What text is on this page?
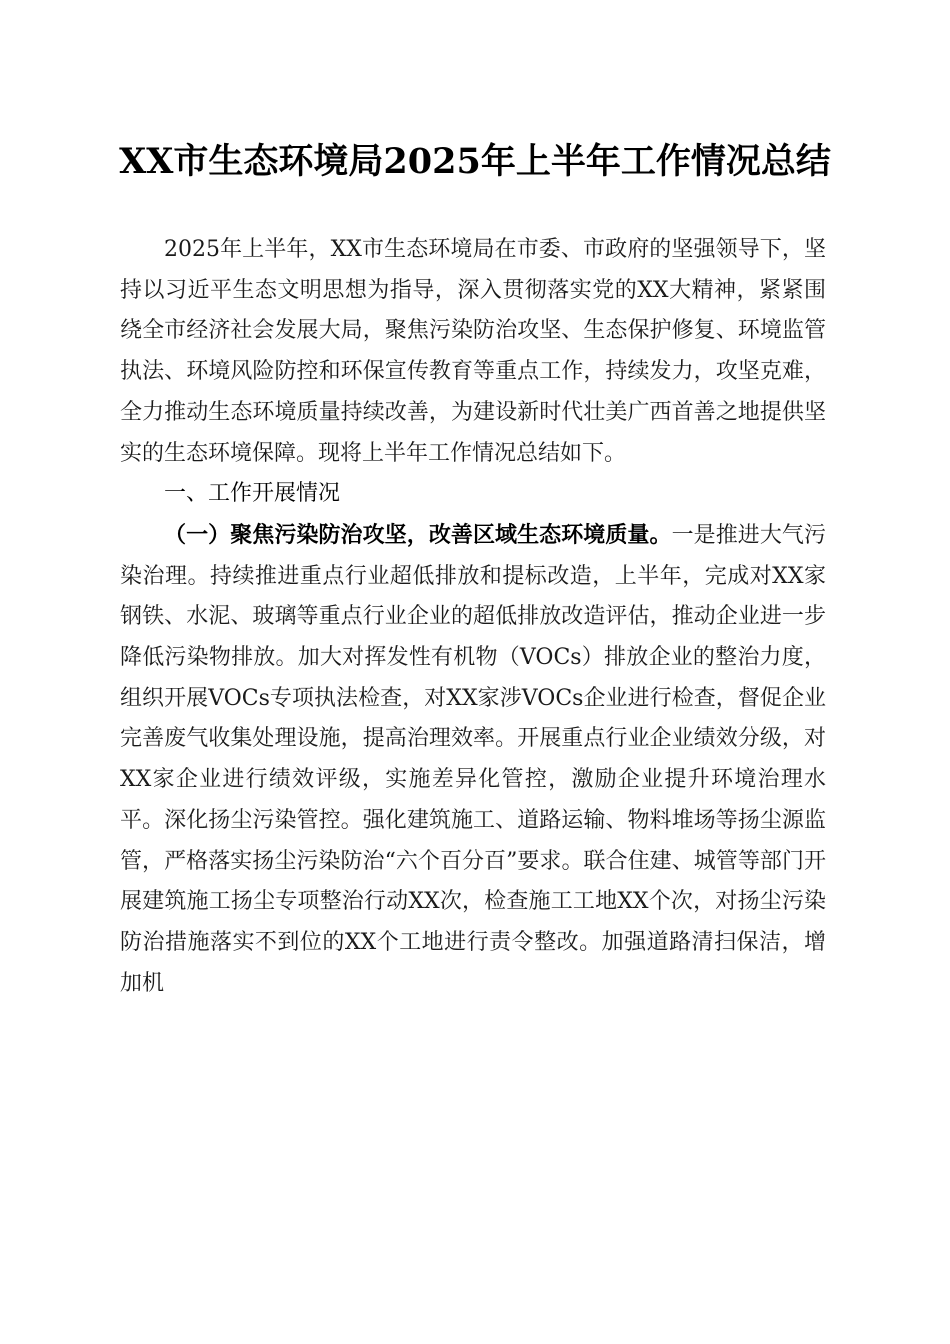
XX市生态环境局2025年上半年工作情况总结

2025年上半年，XX市生态环境局在市委、市政府的坚强领导下，坚持以习近平生态文明思想为指导，深入贯彻落实党的XX大精神，紧紧围绕全市经济社会发展大局，聚焦污染防治攻坚、生态保护修复、环境监管执法、环境风险防控和环保宣传教育等重点工作，持续发力，攻坚克难，全力推动生态环境质量持续改善，为建设新时代壮美广西首善之地提供坚实的生态环境保障。现将上半年工作情况总结如下。

一、工作开展情况

（一）聚焦污染防治攻坚，改善区域生态环境质量。一是推进大气污染治理。持续推进重点行业超低排放和提标改造，上半年，完成对XX家钢铁、水泥、玻璃等重点行业企业的超低排放改造评估，推动企业进一步降低污染物排放。加大对挥发性有机物（VOCs）排放企业的整治力度，组织开展VOCs专项执法检查，对XX家涉VOCs企业进行检查，督促企业完善废气收集处理设施，提高治理效率。开展重点行业企业绩效分级，对XX家企业进行绩效评级，实施差异化管控，激励企业提升环境治理水平。深化扬尘污染管控。强化建筑施工、道路运输、物料堆场等扬尘源监管，严格落实扬尘污染防治“六个百分百”要求。联合住建、城管等部门开展建筑施工扬尘专项整治行动XX次，检查施工工地XX个次，对扬尘污染防治措施落实不到位的XX个工地进行责令整改。加强道路清扫保洁，增加机
